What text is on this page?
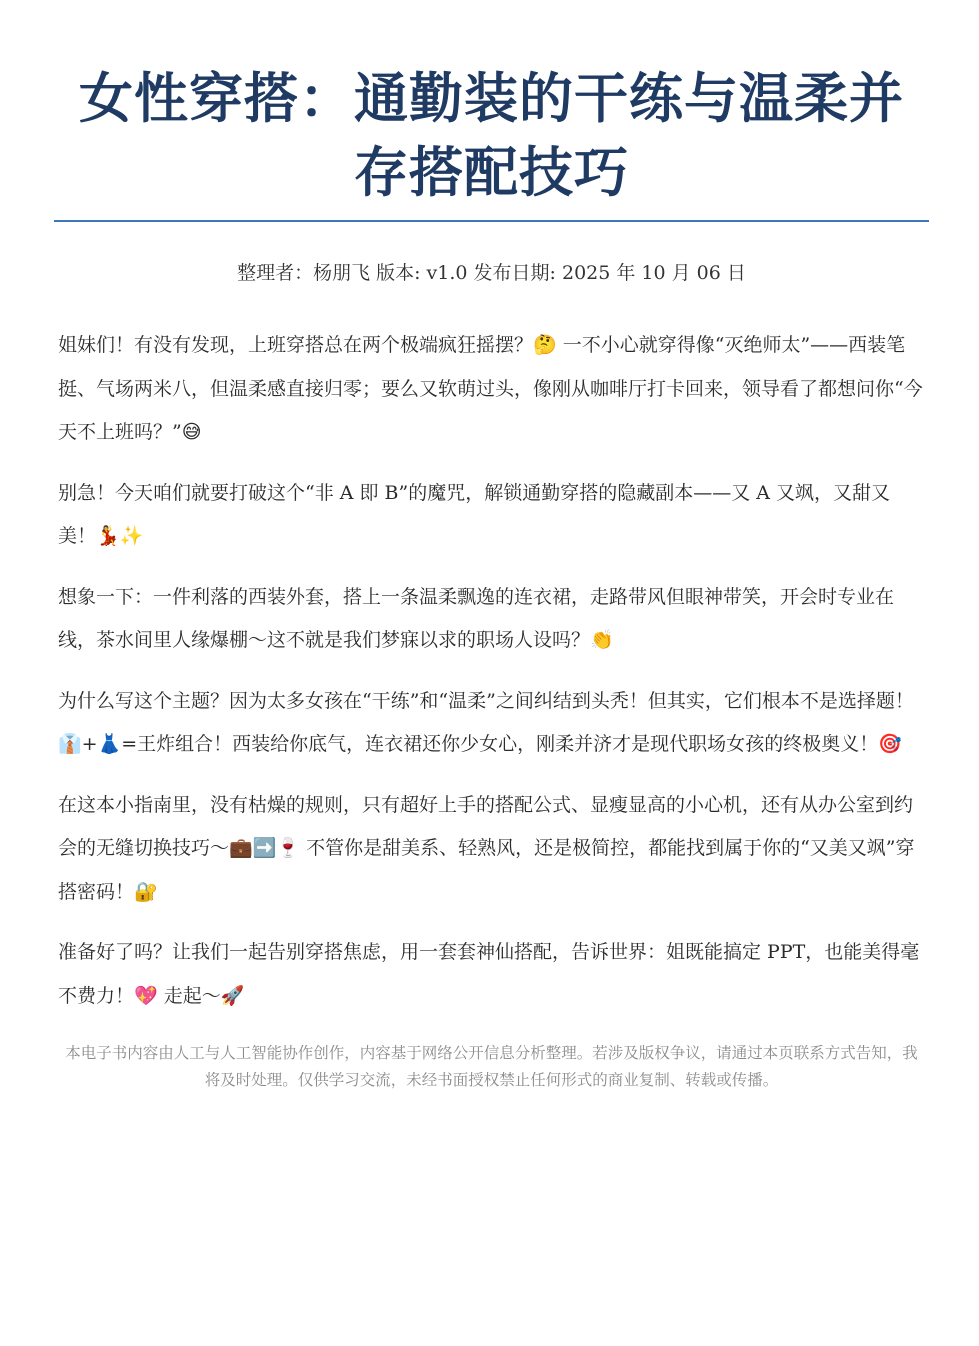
女性穿搭：通勤装的干练与温柔并存搭配技巧

整理者：杨朋飞 版本: v1.0 发布日期: 2025 年 10 月 06 日

姐妹们！有没有发现，上班穿搭总在两个极端疯狂摇摆？🤔 一不小心就穿得像“灭绝师太”——西装笔挺、气场两米八，但温柔感直接归零；要么又软萌过头，像刚从咖啡厅打卡回来，领导看了都想问你“今天不上班吗？”😅

别急！今天咱们就要打破这个“非 A 即 B”的魔咒，解锁通勤穿搭的隐藏副本——又 A 又飒，又甜又美！💃✨

想象一下：一件利落的西装外套，搭上一条温柔飘逸的连衣裙，走路带风但眼神带笑，开会时专业在线，茶水间里人缘爆棚～这不就是我们梦寐以求的职场人设吗？👏

为什么写这个主题？因为太多女孩在“干练”和“温柔”之间纠结到头秃！但其实，它们根本不是选择题！👔+👗=王炸组合！西装给你底气，连衣裙还你少女心，刚柔并济才是现代职场女孩的终极奥义！🎯

在这本小指南里，没有枯燥的规则，只有超好上手的搭配公式、显瘦显高的小心机，还有从办公室到约会的无缝切换技巧～💼➡️🍷 不管你是甜美系、轻熟风，还是极简控，都能找到属于你的“又美又飒”穿搭密码！🔐

准备好了吗？让我们一起告别穿搭焦虑，用一套套神仙搭配，告诉世界：姐既能搞定 PPT，也能美得毫不费力！💖 走起～🚀

本电子书内容由人工与人工智能协作创作，内容基于网络公开信息分析整理。若涉及版权争议，请通过本页联系方式告知，我将及时处理。仅供学习交流，未经书面授权禁止任何形式的商业复制、转载或传播。
